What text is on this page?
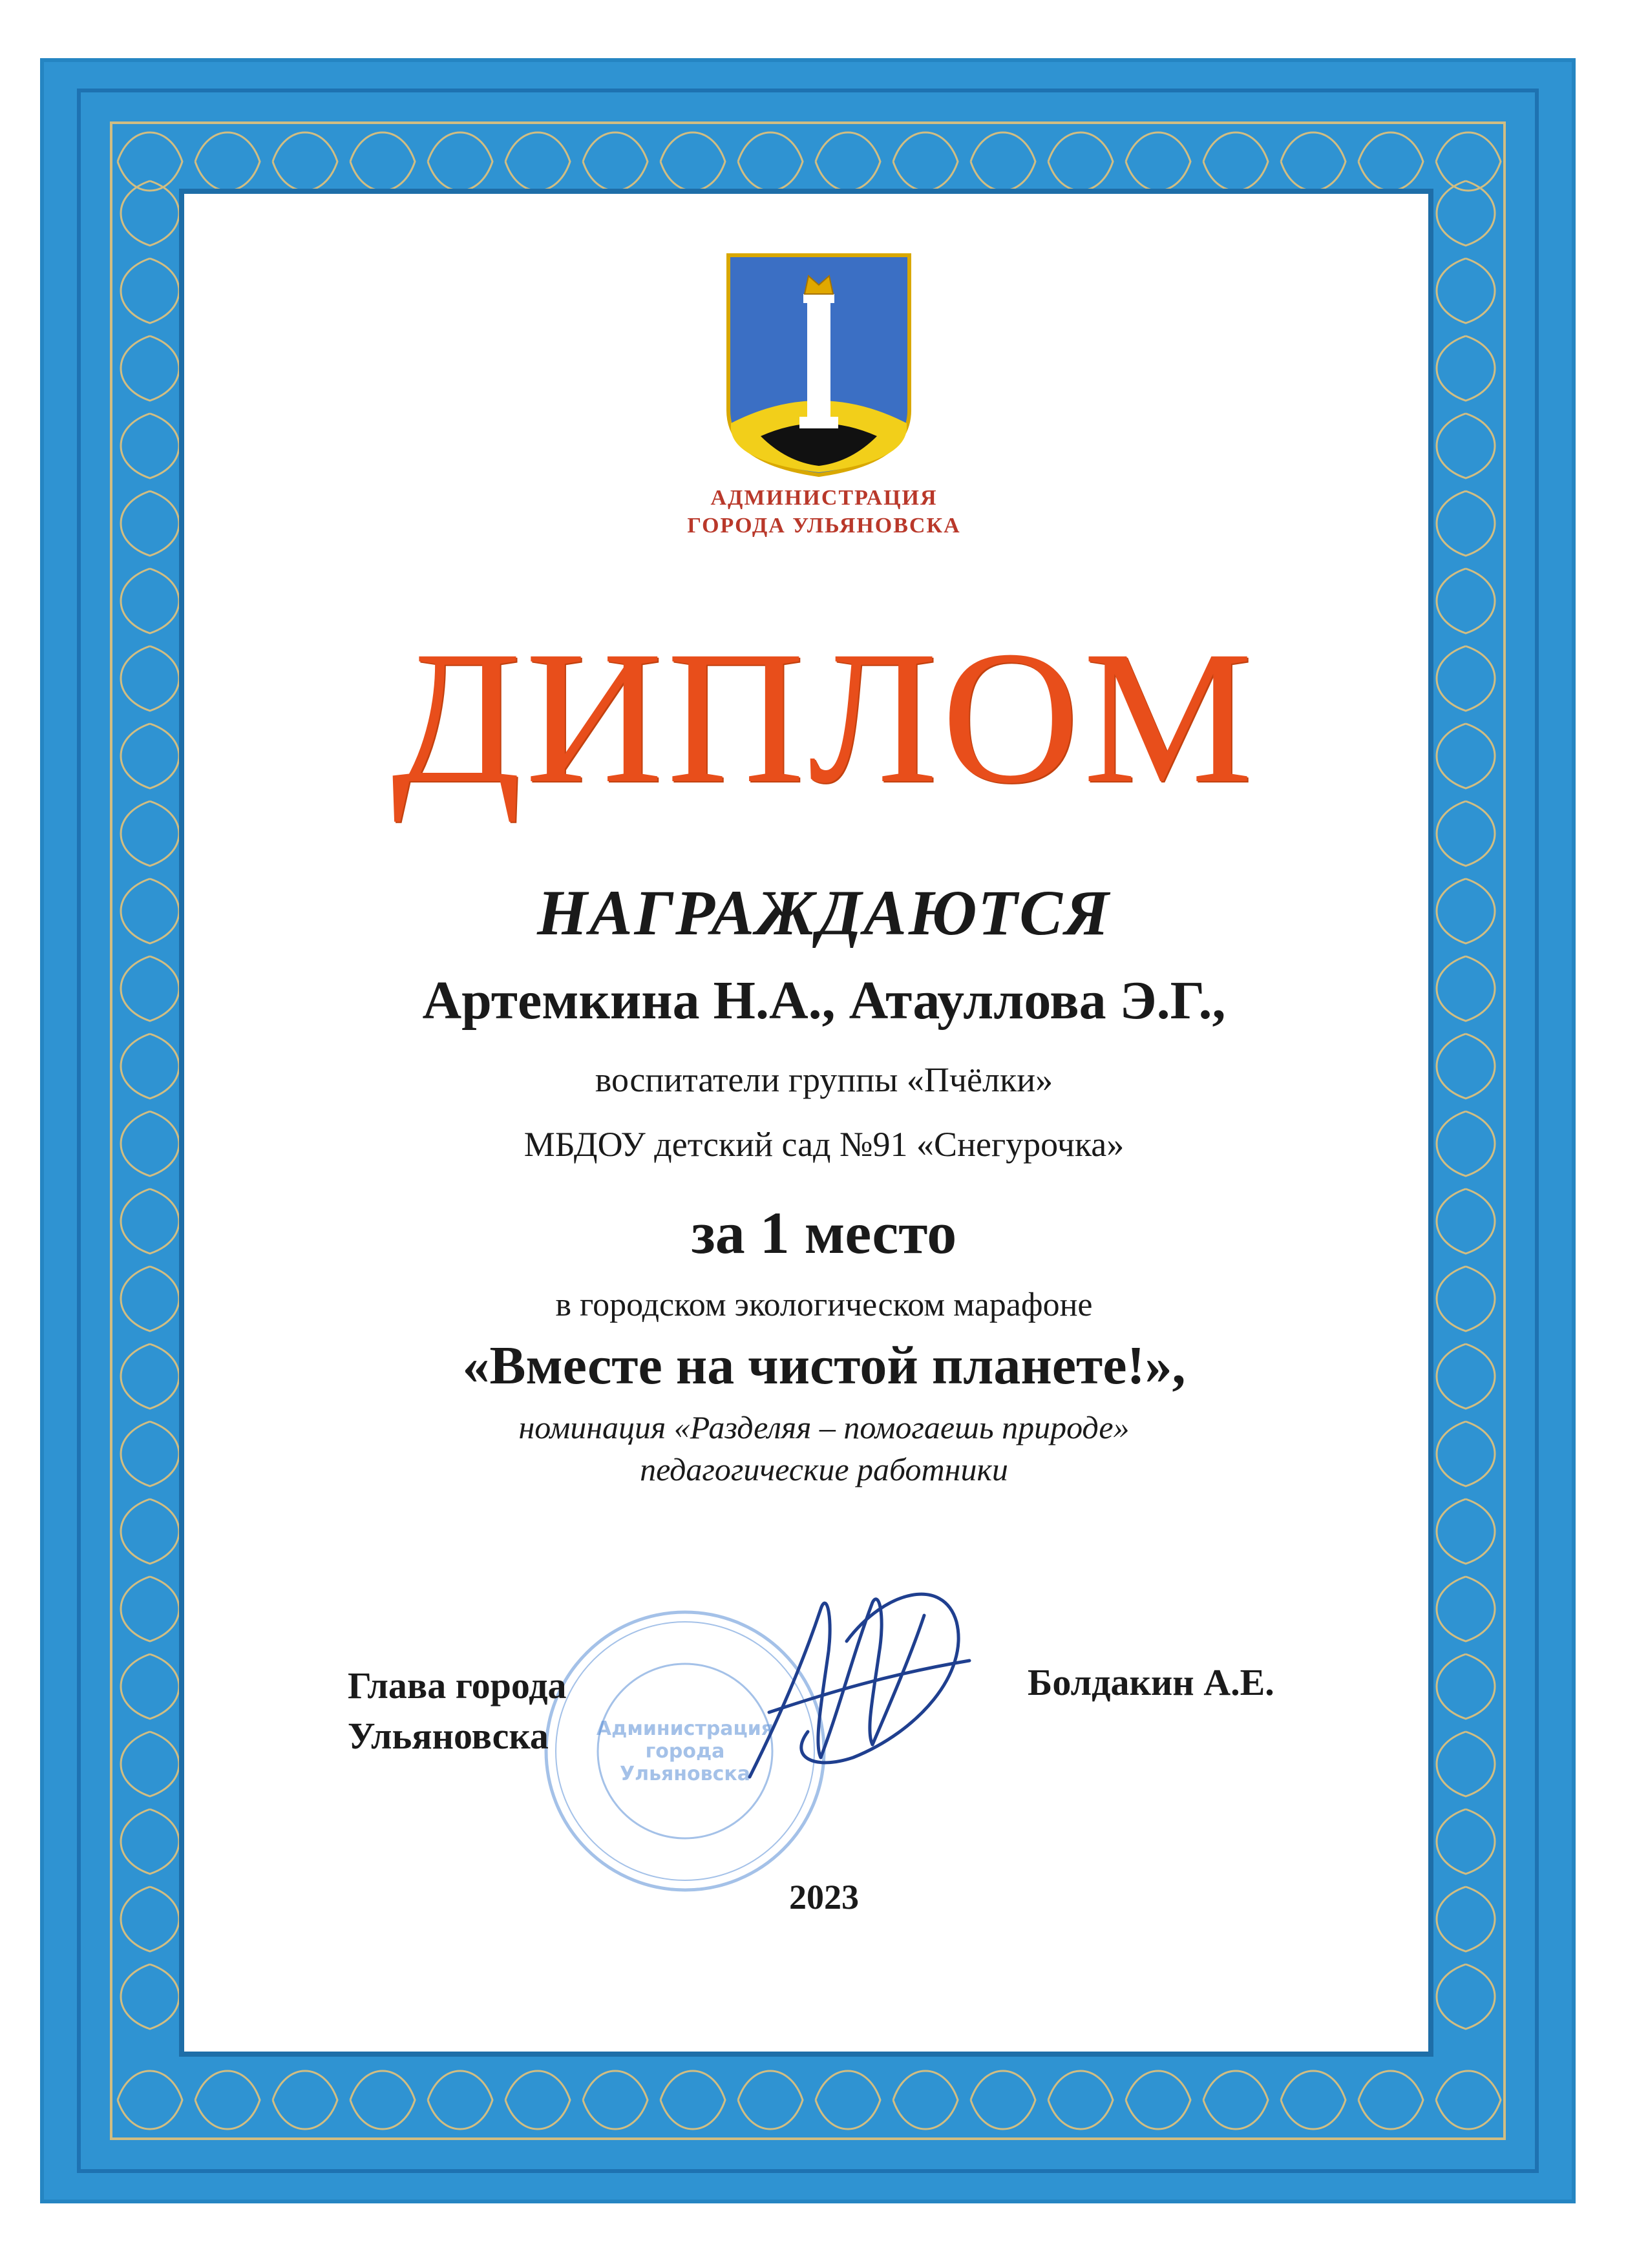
АДМИНИСТРАЦИЯ
ГОРОДА УЛЬЯНОВСКА
ДИПЛОМ
НАГРАЖДАЮТСЯ
Артемкина Н.А., Атауллова Э.Г.,
воспитатели группы «Пчёлки»
МБДОУ детский сад №91 «Снегурочка»
за 1 место
в городском экологическом марафоне
«Вместе на чистой планете!»,
номинация «Разделяя – помогаешь природе»
педагогические работники
Администрация
города
Ульяновска
Глава города
Ульяновска
Болдакин А.Е.
2023
